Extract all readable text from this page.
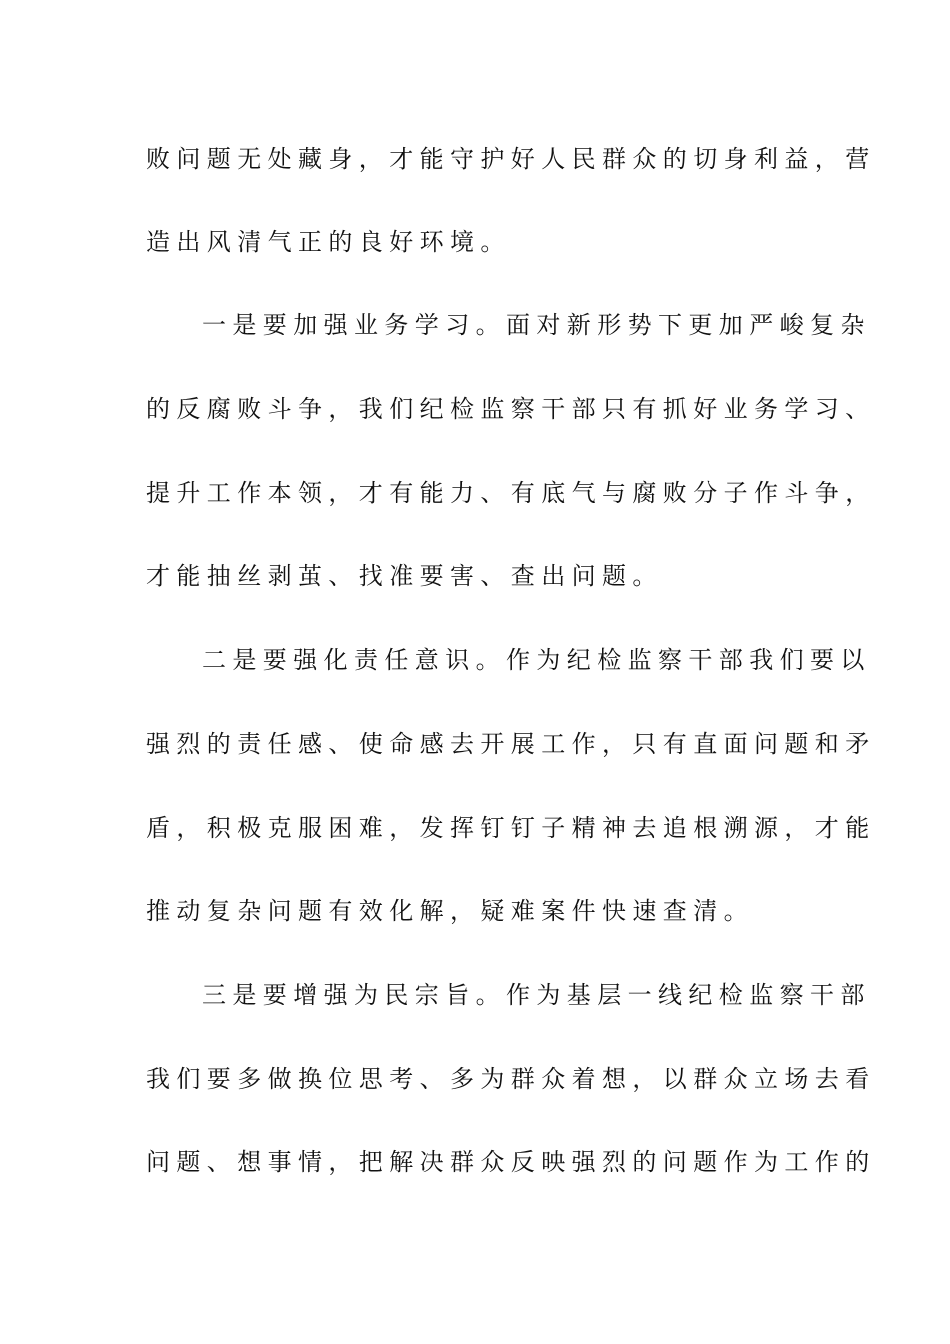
败问题无处藏身，才能守护好人民群众的切身利益，营
造出风清气正的良好环境。
一是要加强业务学习。面对新形势下更加严峻复杂
的反腐败斗争，我们纪检监察干部只有抓好业务学习、
提升工作本领，才有能力、有底气与腐败分子作斗争，
才能抽丝剥茧、找准要害、查出问题。
二是要强化责任意识。作为纪检监察干部我们要以
强烈的责任感、使命感去开展工作，只有直面问题和矛
盾，积极克服困难，发挥钉钉子精神去追根溯源，才能
推动复杂问题有效化解，疑难案件快速查清。
三是要增强为民宗旨。作为基层一线纪检监察干部
我们要多做换位思考、多为群众着想，以群众立场去看
问题、想事情，把解决群众反映强烈的问题作为工作的
